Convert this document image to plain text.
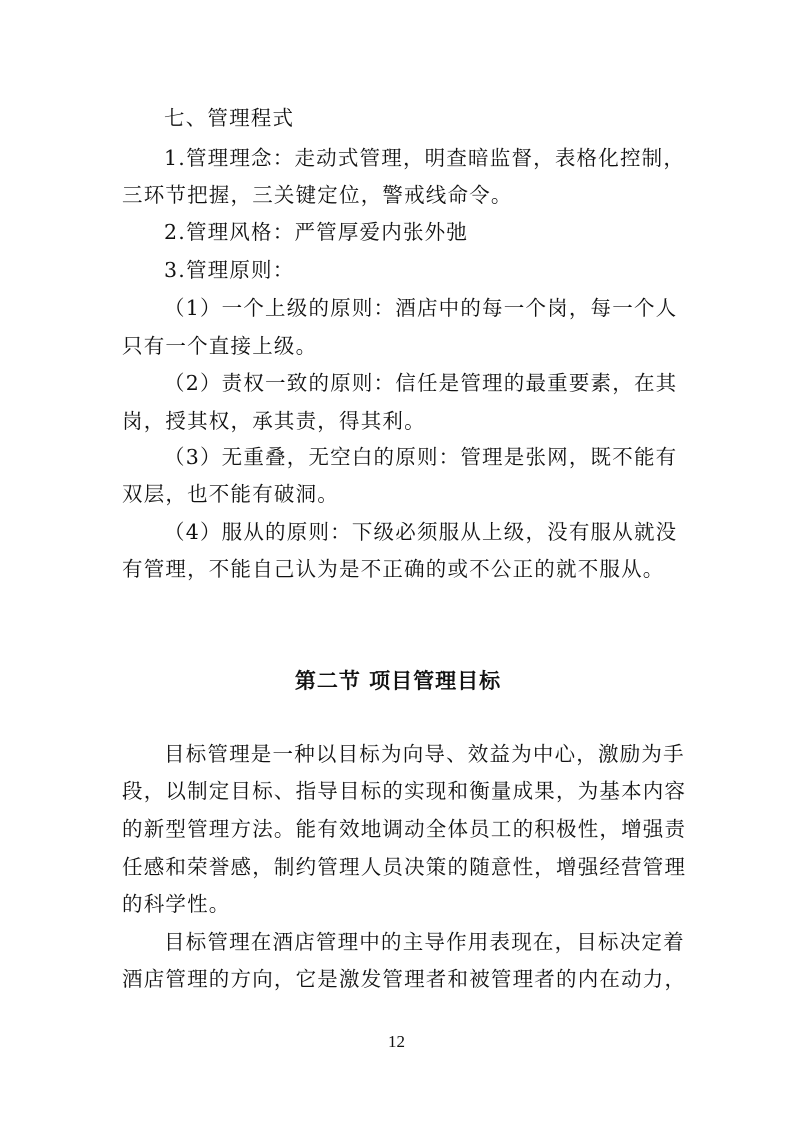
七、管理程式
1.管理理念：走动式管理，明查暗监督，表格化控制，
三环节把握，三关键定位，警戒线命令。
2.管理风格：严管厚爱内张外弛
3.管理原则：
（1）一个上级的原则：酒店中的每一个岗，每一个人
只有一个直接上级。
（2）责权一致的原则：信任是管理的最重要素，在其
岗，授其权，承其责，得其利。
（3）无重叠，无空白的原则：管理是张网，既不能有
双层，也不能有破洞。
（4）服从的原则：下级必须服从上级，没有服从就没
有管理，不能自己认为是不正确的或不公正的就不服从。
第二节 项目管理目标
目标管理是一种以目标为向导、效益为中心，激励为手
段，以制定目标、指导目标的实现和衡量成果，为基本内容
的新型管理方法。能有效地调动全体员工的积极性，增强责
任感和荣誉感，制约管理人员决策的随意性，增强经营管理
的科学性。
目标管理在酒店管理中的主导作用表现在，目标决定着
酒店管理的方向，它是激发管理者和被管理者的内在动力，
12
